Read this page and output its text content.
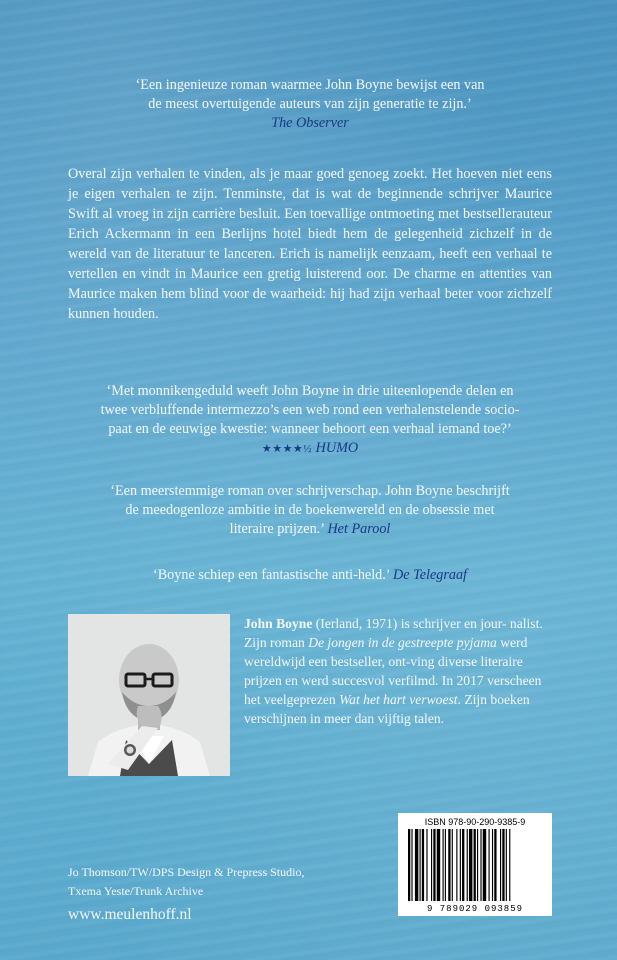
‘Een ingenieuze roman waarmee John Boyne bewijst een van
de meest overtuigende auteurs van zijn generatie te zijn.’
The Observer
Overal zijn verhalen te vinden, als je maar goed genoeg zoekt. Het hoeven niet eens je eigen verhalen te zijn. Tenminste, dat is wat de beginnende schrijver Maurice Swift al vroeg in zijn carrière besluit. Een toevallige ontmoeting met bestsellerauteur Erich Ackermann in een Berlijns hotel biedt hem de gelegenheid zichzelf in de wereld van de literatuur te lanceren. Erich is namelijk eenzaam, heeft een verhaal te vertellen en vindt in Maurice een gretig luisterend oor. De charme en attenties van Maurice maken hem blind voor de waarheid: hij had zijn verhaal beter voor zichzelf kunnen houden.
‘Met monnikengeduld weeft John Boyne in drie uiteenlopende delen en
twee verbluffende intermezzo’s een web rond een verhalenstelende socio-
paat en de eeuwige kwestie: wanneer behoort een verhaal iemand toe?’
★★★★½ HUMO
‘Een meerstemmige roman over schrijverschap. John Boyne beschrijft
de meedogenloze ambitie in de boekenwereld en de obsessie met
literaire prijzen.’ Het Parool
‘Boyne schiep een fantastische anti-held.’ De Telegraaf
John Boyne (Ierland, 1971) is schrijver en jour- nalist. Zijn roman De jongen in de gestreepte pyjama werd wereldwijd een bestseller, ont-ving diverse literaire prijzen en werd succesvol verfilmd. In 2017 verscheen het veelgeprezen Wat het hart verwoest. Zijn boeken verschijnen in meer dan vijftig talen.
ISBN 978-90-290-9385-9
9 789029 093859
Jo Thomson/TW/DPS Design & Prepress Studio,
Txema Yeste/Trunk Archive
www.meulenhoff.nl
